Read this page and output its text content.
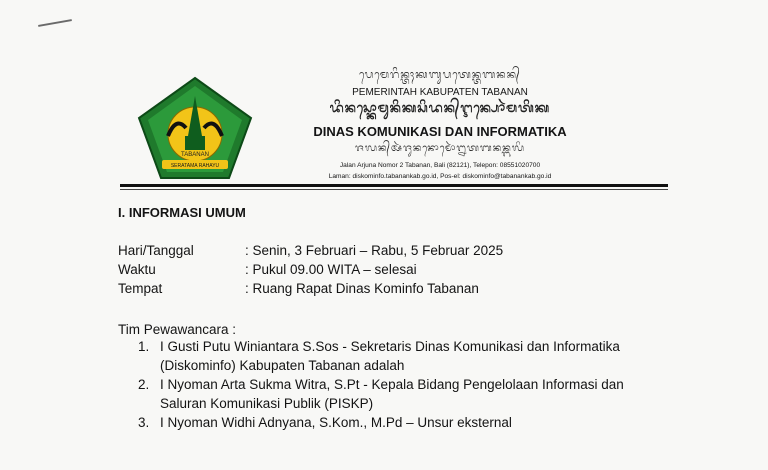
TABANAN
SERATAMA RAHAYU
ᬧᬾᬫᬾᬭᬶᬦ᭄ᬢᬄᬓᬩᬸᬧᬢᬾᬦ᭄ᬢᬩᬦᬦ᭄
PEMERINTAH KABUPATEN TABANAN
ᬤᬶᬦᬲ᭄ᬓᭀᬫᬸᬦᬶᬓᬲᬶᬤᬦ᭄ᬇᬦ᭄ᬧᭀᬃᬫᬢᬶᬓ
DINAS KOMUNIKASI DAN INFORMATIKA
ᬚᬮᬦ᭄ᬅᬃᬚᬸᬦᬦᭀᬫᭀᬃ᭒ᬢᬩᬦᬦ᭄ᬩᬮᬶ
Jalan Arjuna Nomor 2 Tabanan, Bali (82121), Telepon: 08551020700
Laman: diskominfo.tabanankab.go.id, Pos-el: diskominfo@tabanankab.go.id
I. INFORMASI UMUM
Hari/Tanggal	: Senin, 3 Februari – Rabu, 5 Februar 2025
Waktu	: Pukul 09.00 WITA – selesai
Tempat	: Ruang Rapat Dinas Kominfo Tabanan
Tim Pewawancara :
1. I Gusti Putu Winiantara S.Sos - Sekretaris Dinas Komunikasi dan Informatika
(Diskominfo) Kabupaten Tabanan adalah
2. I Nyoman Arta Sukma Witra, S.Pt - Kepala Bidang Pengelolaan Informasi dan
Saluran Komunikasi Publik (PISKP)
3. I Nyoman Widhi Adnyana, S.Kom., M.Pd – Unsur eksternal
